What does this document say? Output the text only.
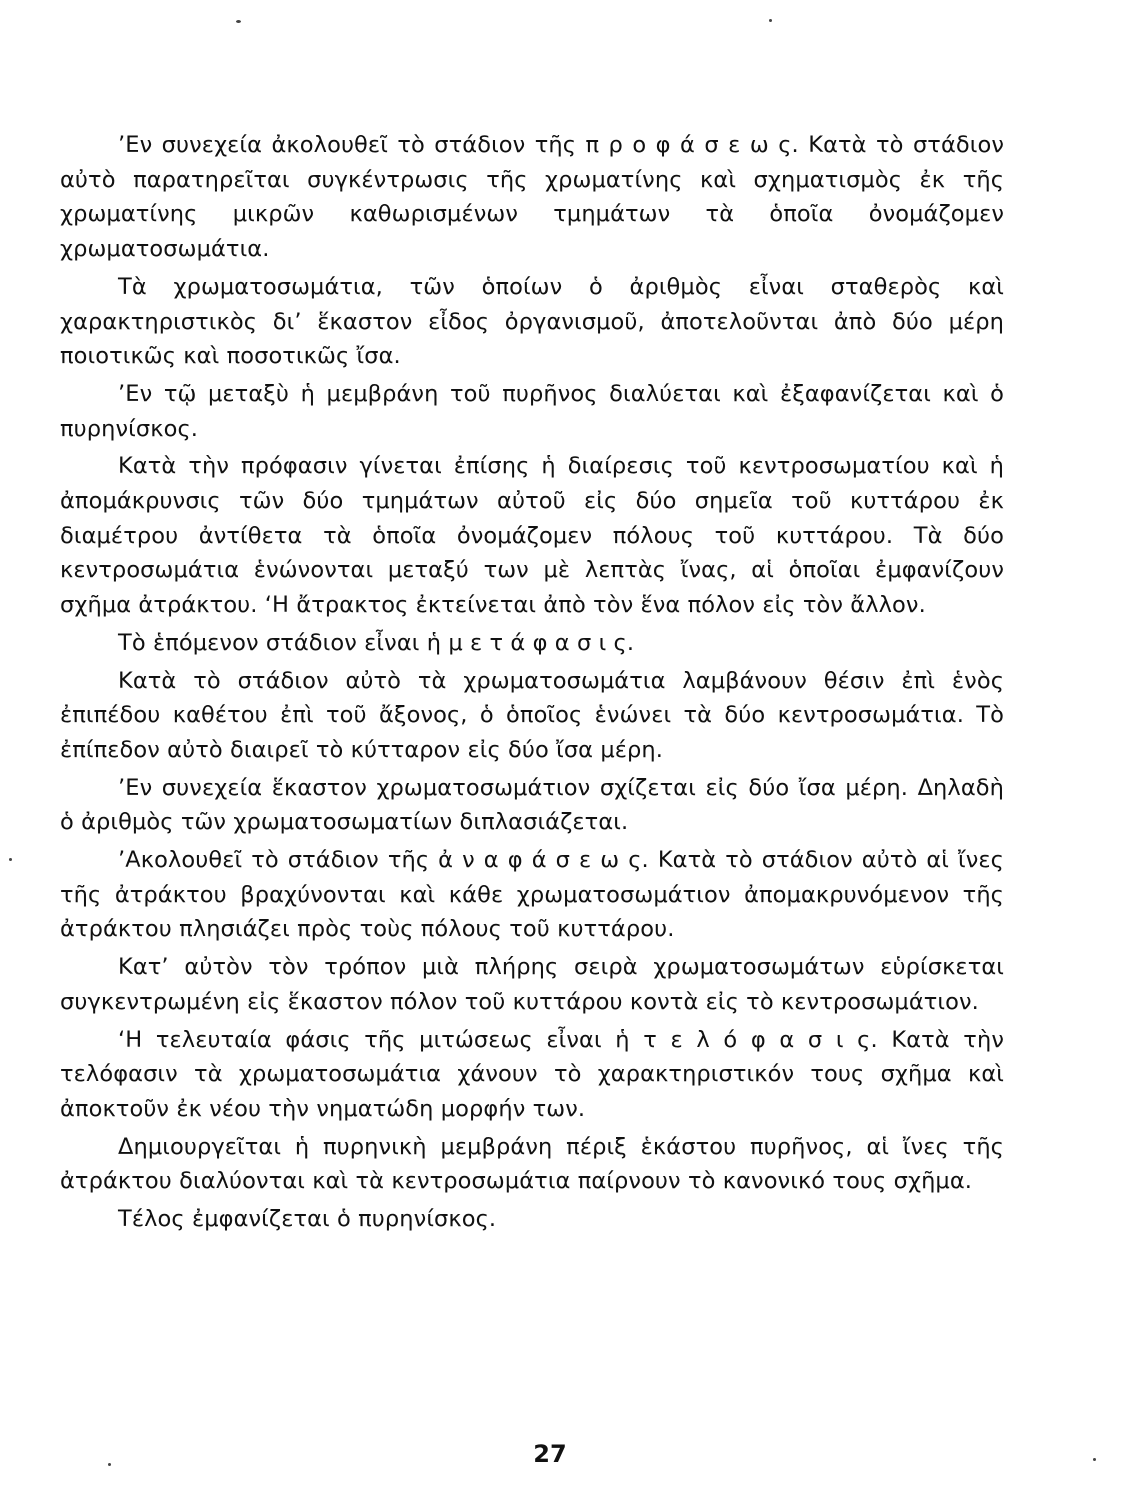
’Εν συνεχεία ἀκολουθεῖ τὸ στάδιον τῆς π ρ ο φ ά σ ε ω ς. Κατὰ τὸ στάδιον αὐτὸ παρατηρεῖται συγκέντρωσις τῆς χρωματίνης καὶ σχηματισμὸς ἐκ τῆς χρωματίνης μικρῶν καθωρισμένων τμημάτων τὰ ὁποῖα ὀνομάζομεν χρωματοσωμάτια.

Τὰ χρωματοσωμάτια, τῶν ὁποίων ὁ ἀριθμὸς εἶναι σταθερὸς καὶ χαρακτηριστικὸς δι’ ἕκαστον εἶδος ὀργανισμοῦ, ἀποτελοῦνται ἀπὸ δύο μέρη ποιοτικῶς καὶ ποσοτικῶς ἴσα.

’Εν τῷ μεταξὺ ἡ μεμβράνη τοῦ πυρῆνος διαλύεται καὶ ἐξαφανίζεται καὶ ὁ πυρηνίσκος.

Κατὰ τὴν πρόφασιν γίνεται ἐπίσης ἡ διαίρεσις τοῦ κεντροσωματίου καὶ ἡ ἀπομάκρυνσις τῶν δύο τμημάτων αὐτοῦ εἰς δύο σημεῖα τοῦ κυττάρου ἐκ διαμέτρου ἀντίθετα τὰ ὁποῖα ὀνομάζομεν πόλους τοῦ κυττάρου. Τὰ δύο κεντροσωμάτια ἑνώνονται μεταξύ των μὲ λεπτὰς ἴνας, αἱ ὁποῖαι ἐμφανίζουν σχῆμα ἀτράκτου. ‘Η ἄτρακτος ἐκτείνεται ἀπὸ τὸν ἕνα πόλον εἰς τὸν ἄλλον.

Τὸ ἑπόμενον στάδιον εἶναι ἡ μ ε τ ά φ α σ ι ς.

Κατὰ τὸ στάδιον αὐτὸ τὰ χρωματοσωμάτια λαμβάνουν θέσιν ἐπὶ ἑνὸς ἐπιπέδου καθέτου ἐπὶ τοῦ ἄξονος, ὁ ὁποῖος ἑνώνει τὰ δύο κεντροσωμάτια. Τὸ ἐπίπεδον αὐτὸ διαιρεῖ τὸ κύτταρον εἰς δύο ἴσα μέρη.

’Εν συνεχεία ἕκαστον χρωματοσωμάτιον σχίζεται εἰς δύο ἴσα μέρη. Δηλαδὴ ὁ ἀριθμὸς τῶν χρωματοσωματίων διπλασιάζεται.

’Ακολουθεῖ τὸ στάδιον τῆς ἀ ν α φ ά σ ε ω ς. Κατὰ τὸ στάδιον αὐτὸ αἱ ἴνες τῆς ἀτράκτου βραχύνονται καὶ κάθε χρωματοσωμάτιον ἀπομακρυνόμενον τῆς ἀτράκτου πλησιάζει πρὸς τοὺς πόλους τοῦ κυττάρου.

Κατ’ αὐτὸν τὸν τρόπον μιὰ πλήρης σειρὰ χρωματοσωμάτων εὑρίσκεται συγκεντρωμένη εἰς ἕκαστον πόλον τοῦ κυττάρου κοντὰ εἰς τὸ κεντροσωμάτιον.

‘Η τελευταία φάσις τῆς μιτώσεως εἶναι ἡ τ ε λ ό φ α σ ι ς. Κατὰ τὴν τελόφασιν τὰ χρωματοσωμάτια χάνουν τὸ χαρακτηριστικόν τους σχῆμα καὶ ἀποκτοῦν ἐκ νέου τὴν νηματώδη μορφήν των.

Δημιουργεῖται ἡ πυρηνικὴ μεμβράνη πέριξ ἑκάστου πυρῆνος, αἱ ἴνες τῆς ἀτράκτου διαλύονται καὶ τὰ κεντροσωμάτια παίρνουν τὸ κανονικό τους σχῆμα.

Τέλος ἐμφανίζεται ὁ πυρηνίσκος.

27
